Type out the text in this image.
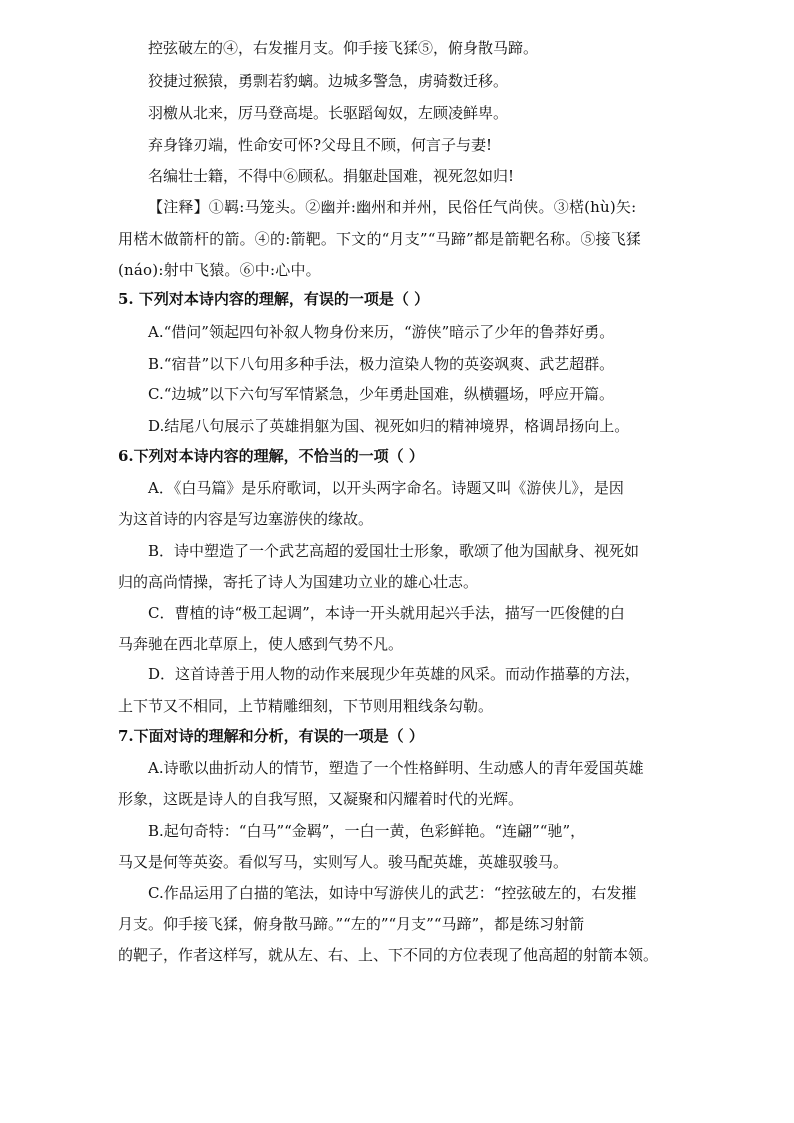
控弦破左的④，右发摧月支。仰手接飞猱⑤，俯身散马蹄。
狡捷过猴猿，勇剽若豹螭。边城多警急，虏骑数迁移。
羽檄从北来，厉马登高堤。长驱蹈匈奴，左顾凌鲜卑。
弃身锋刃端，性命安可怀?父母且不顾，何言子与妻!
名编壮士籍，不得中⑥顾私。捐躯赴国难，视死忽如归!
【注释】①羁:马笼头。②幽并:幽州和并州，民俗任气尚侠。③楛(hù)矢:
用楛木做箭杆的箭。④的:箭靶。下文的“月支”“马蹄”都是箭靶名称。⑤接飞猱
(náo):射中飞猿。⑥中:心中。
5. 下列对本诗内容的理解，有误的一项是（ ）
A.“借问”领起四句补叙人物身份来历，“游侠”暗示了少年的鲁莽好勇。
B.“宿昔”以下八句用多种手法，极力渲染人物的英姿飒爽、武艺超群。
C.“边城”以下六句写军情紧急，少年勇赴国难，纵横疆场，呼应开篇。
D.结尾八句展示了英雄捐躯为国、视死如归的精神境界，格调昂扬向上。
6.下列对本诗内容的理解，不恰当的一项（ ）
A．《白马篇》是乐府歌词，以开头两字命名。诗题又叫《游侠儿》，是因
为这首诗的内容是写边塞游侠的缘故。
B．诗中塑造了一个武艺高超的爱国壮士形象，歌颂了他为国献身、视死如
归的高尚情操，寄托了诗人为国建功立业的雄心壮志。
C．曹植的诗“极工起调”，本诗一开头就用起兴手法，描写一匹俊健的白
马奔驰在西北草原上，使人感到气势不凡。
D．这首诗善于用人物的动作来展现少年英雄的风采。而动作描摹的方法，
上下节又不相同，上节精雕细刻，下节则用粗线条勾勒。
7.下面对诗的理解和分析，有误的一项是（ ）
A.诗歌以曲折动人的情节，塑造了一个性格鲜明、生动感人的青年爱国英雄
形象，这既是诗人的自我写照，又凝聚和闪耀着时代的光辉。
B.起句奇特：“白马”“金羁”，一白一黄，色彩鲜艳。“连翩”“驰”，
马又是何等英姿。看似写马，实则写人。骏马配英雄，英雄驭骏马。
C.作品运用了白描的笔法，如诗中写游侠儿的武艺：“控弦破左的，右发摧
月支。仰手接飞猱，俯身散马蹄。”“左的”“月支”“马蹄”，都是练习射箭
的靶子，作者这样写，就从左、右、上、下不同的方位表现了他高超的射箭本领。
